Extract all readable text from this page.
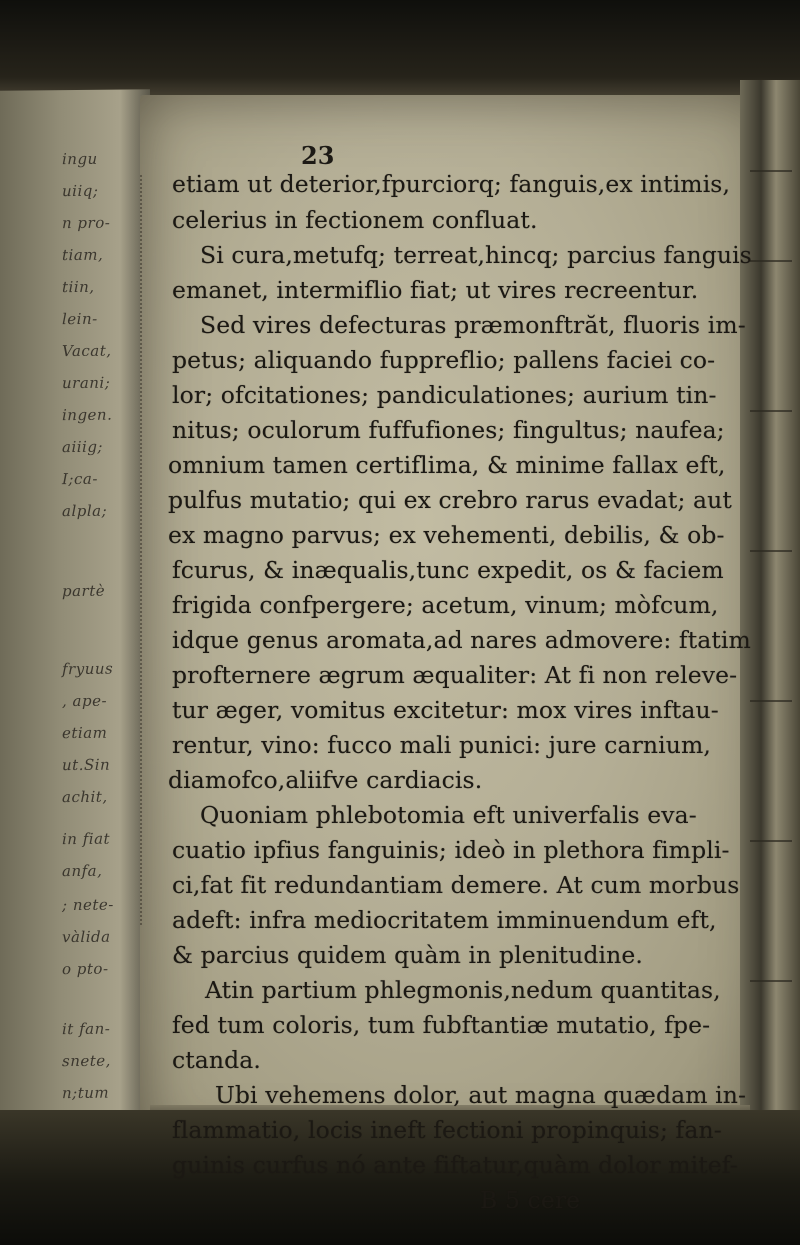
ingu
uiiq;
n pro-
tiam,
tiin,
lein-
Vacat,
urani;
ingen.
aiiig;
I;ca-
alpla;
partè
fryuus
, ape-
etiam
ut.Sin
achit,
in fiat
anfa,
; nete-
vàlida
o pto-
it fan-
snete,
n;tum
23
etiam ut deterior,fpurciorq; fanguis,ex intimis,
celerius in fectionem confluat.
Si cura,metufq; terreat,hincq; parcius fanguis
emanet, intermiflio fiat; ut vires recreentur.
Sed vires defecturas præmonftrăt, fluoris im-
petus; aliquando fuppreflio; pallens faciei co-
lor; ofcitationes; pandiculationes; aurium tin-
nitus; oculorum fuffufiones; fingultus; naufea;
omnium tamen certiflima, & minime fallax eft,
pulfus mutatio; qui ex crebro rarus evadat; aut
ex magno parvus; ex vehementi, debilis, & ob-
fcurus, & inæqualis,tunc expedit, os & faciem
frigida confpergere; acetum, vinum; mòfcum,
idque genus aromata,ad nares admovere: ftatim
profternere ægrum æqualiter: At fi non releve-
tur æger, vomitus excitetur: mox vires inftau-
rentur, vino: fucco mali punici: jure carnium,
diamofco,aliifve cardiacis.
Quoniam phlebotomia eft univerfalis eva-
cuatio ipfius fanguinis; ideò in plethora fimpli-
ci,fat fit redundantiam demere. At cum morbus
adeft: infra mediocritatem imminuendum eft,
& parcius quidem quàm in plenitudine.
Atin partium phlegmonis,nedum quantitas,
fed tum coloris, tum fubftantiæ mutatio, fpe-
ctanda.
Ubi vehemens dolor, aut magna quædam in-
flammatio, locis ineft fectioni propinquis; fan-
guinis curfus nó ante fiftatur,quàm dolor mitef-
B 5 cere
